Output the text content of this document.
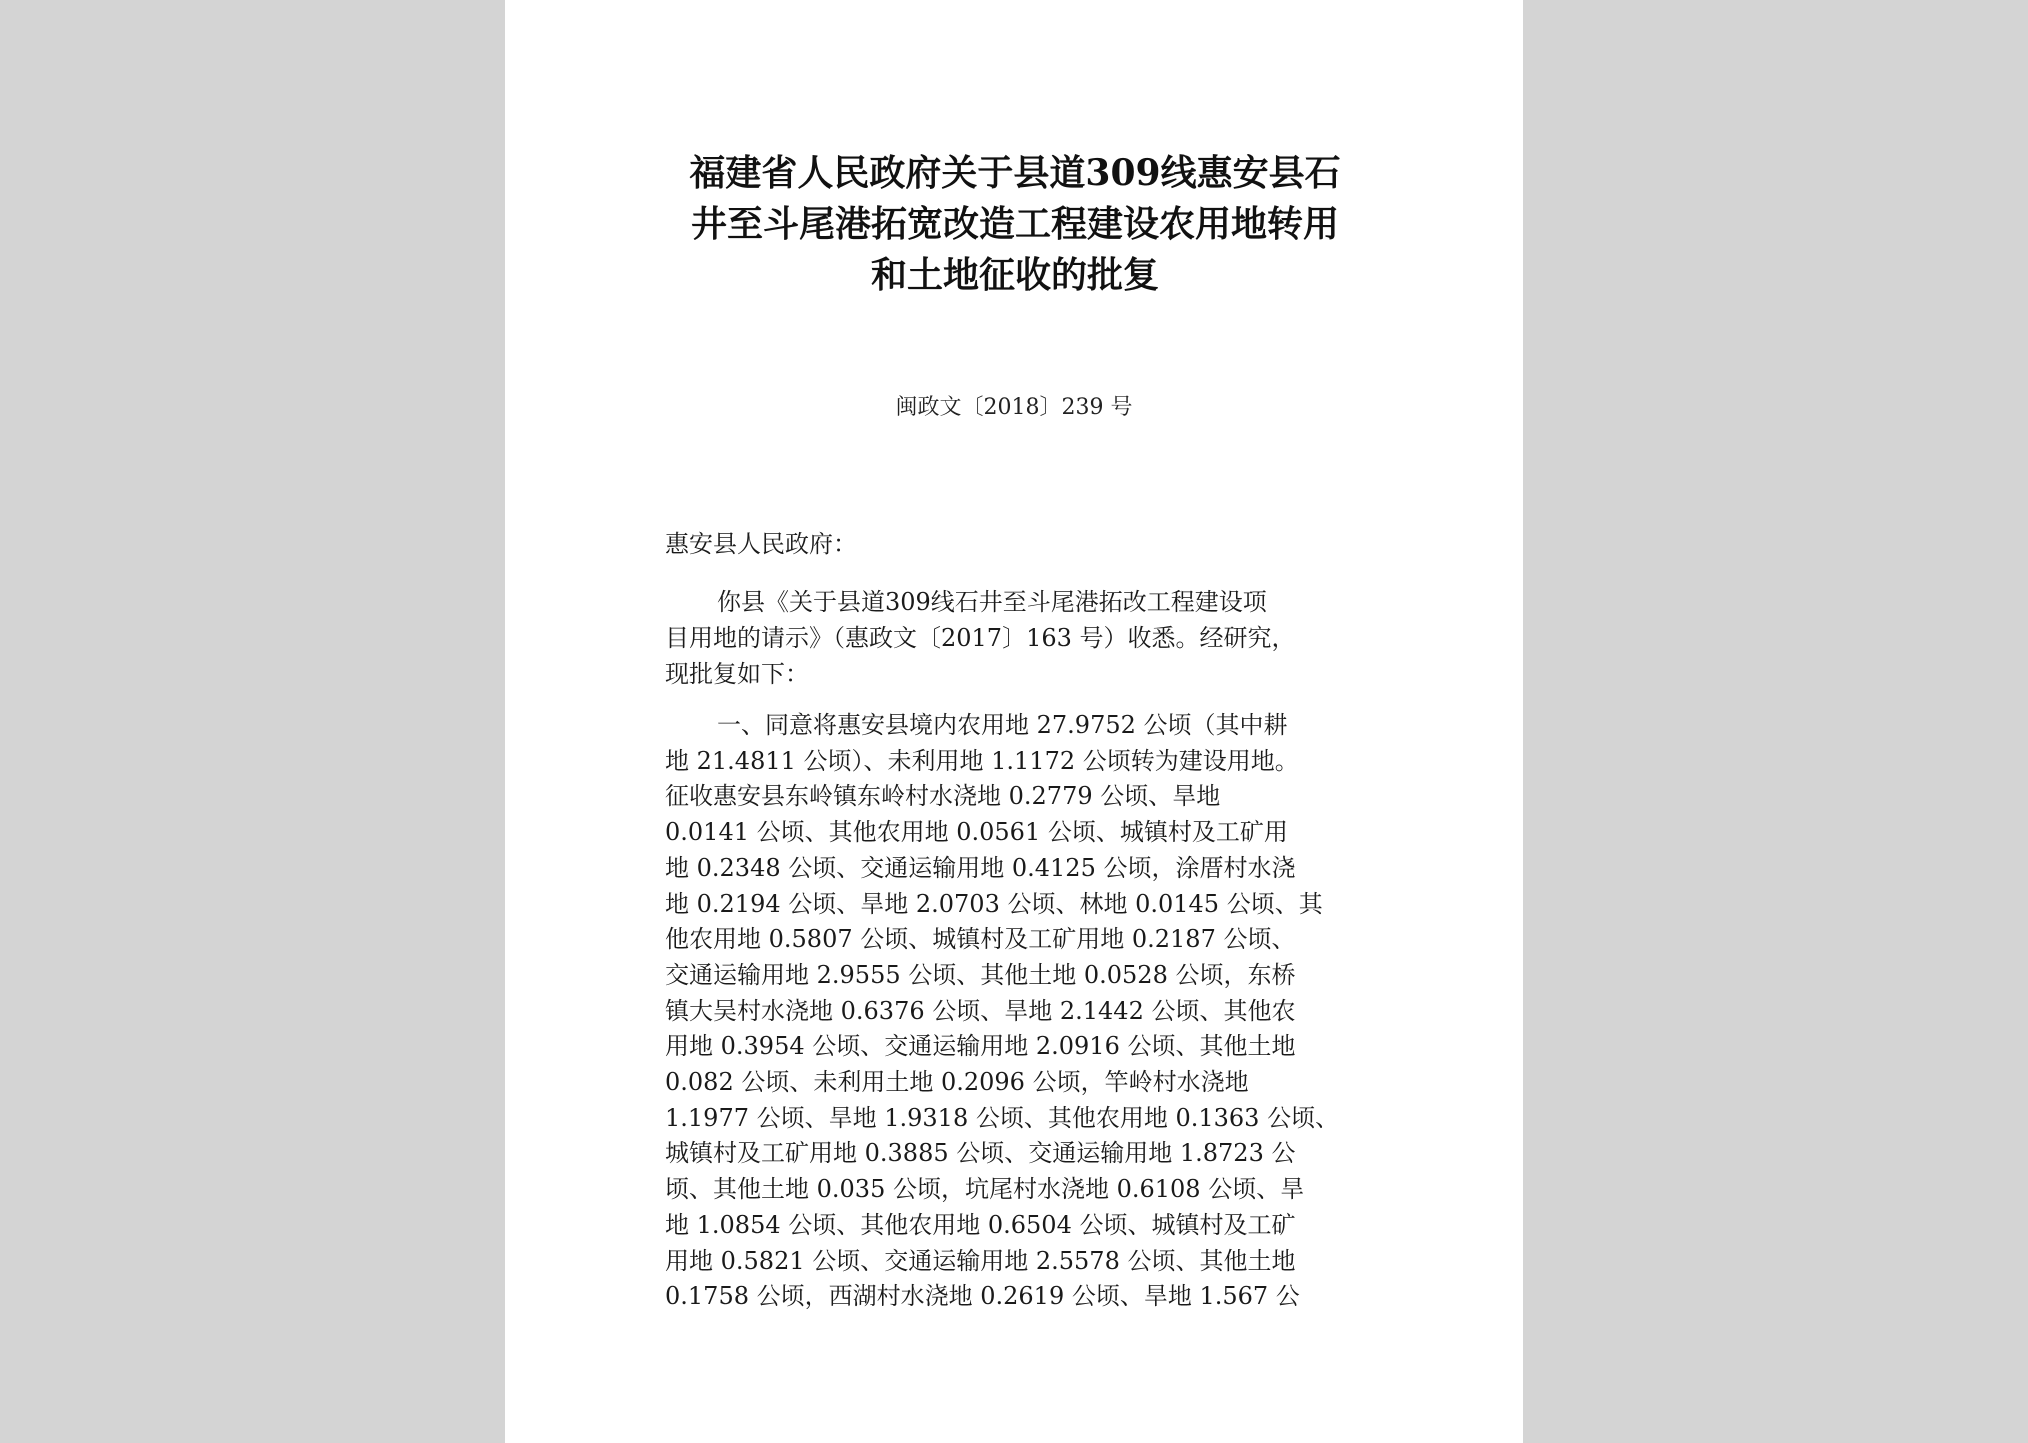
福建省人民政府关于县道309线惠安县石
井至斗尾港拓宽改造工程建设农用地转用
和土地征收的批复
闽政文〔2018〕239 号
惠安县人民政府：
你县《关于县道309线石井至斗尾港拓改工程建设项
目用地的请示》（惠政文〔2017〕163 号）收悉。经研究，
现批复如下：
一、同意将惠安县境内农用地 27.9752 公顷（其中耕
地 21.4811 公顷）、未利用地 1.1172 公顷转为建设用地。
征收惠安县东岭镇东岭村水浇地 0.2779 公顷、旱地
0.0141 公顷、其他农用地 0.0561 公顷、城镇村及工矿用
地 0.2348 公顷、交通运输用地 0.4125 公顷，涂厝村水浇
地 0.2194 公顷、旱地 2.0703 公顷、林地 0.0145 公顷、其
他农用地 0.5807 公顷、城镇村及工矿用地 0.2187 公顷、
交通运输用地 2.9555 公顷、其他土地 0.0528 公顷，东桥
镇大吴村水浇地 0.6376 公顷、旱地 2.1442 公顷、其他农
用地 0.3954 公顷、交通运输用地 2.0916 公顷、其他土地
0.082 公顷、未利用土地 0.2096 公顷，竿岭村水浇地
1.1977 公顷、旱地 1.9318 公顷、其他农用地 0.1363 公顷、
城镇村及工矿用地 0.3885 公顷、交通运输用地 1.8723 公
顷、其他土地 0.035 公顷，坑尾村水浇地 0.6108 公顷、旱
地 1.0854 公顷、其他农用地 0.6504 公顷、城镇村及工矿
用地 0.5821 公顷、交通运输用地 2.5578 公顷、其他土地
0.1758 公顷，西湖村水浇地 0.2619 公顷、旱地 1.567 公
